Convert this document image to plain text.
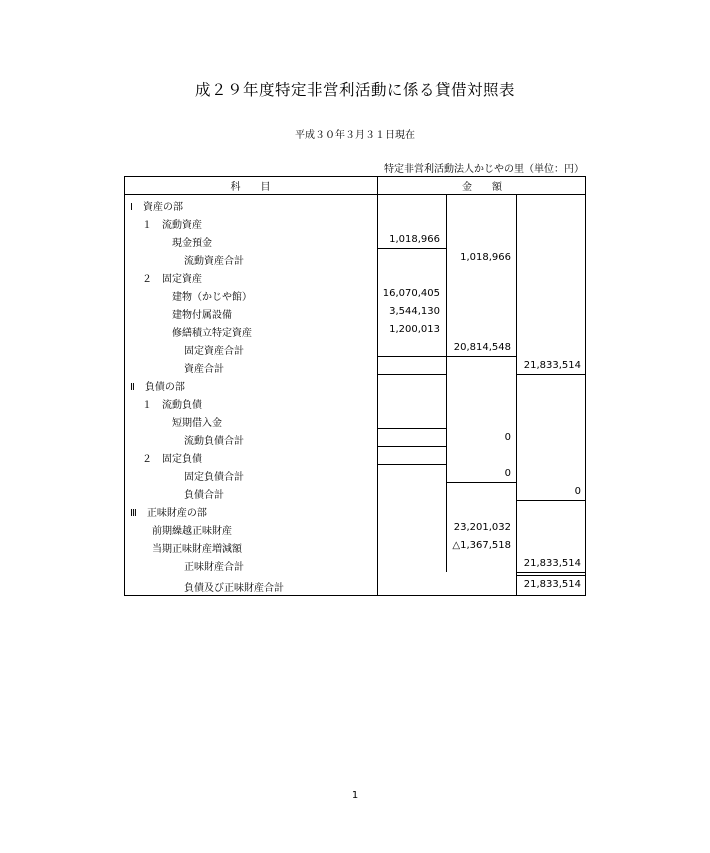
成２９年度特定非営利活動に係る貸借対照表
平成３０年３月３１日現在
特定非営利活動法人かじやの里（単位：円）
科　　目	金　　額
Ⅰ　資産の部
１　流動資産
現金預金	1,018,966
流動資産合計	1,018,966
２　固定資産
建物（かじや館）	16,070,405
建物付属設備	3,544,130
修繕積立特定資産	1,200,013
固定資産合計	20,814,548
資産合計	21,833,514
Ⅱ　負債の部
１　流動負債
短期借入金
流動負債合計	0
２　固定負債
固定負債合計	0
負債合計	0
Ⅲ　正味財産の部
前期繰越正味財産	23,201,032
当期正味財産増減額	△1,367,518
正味財産合計	21,833,514
負債及び正味財産合計	21,833,514
1
